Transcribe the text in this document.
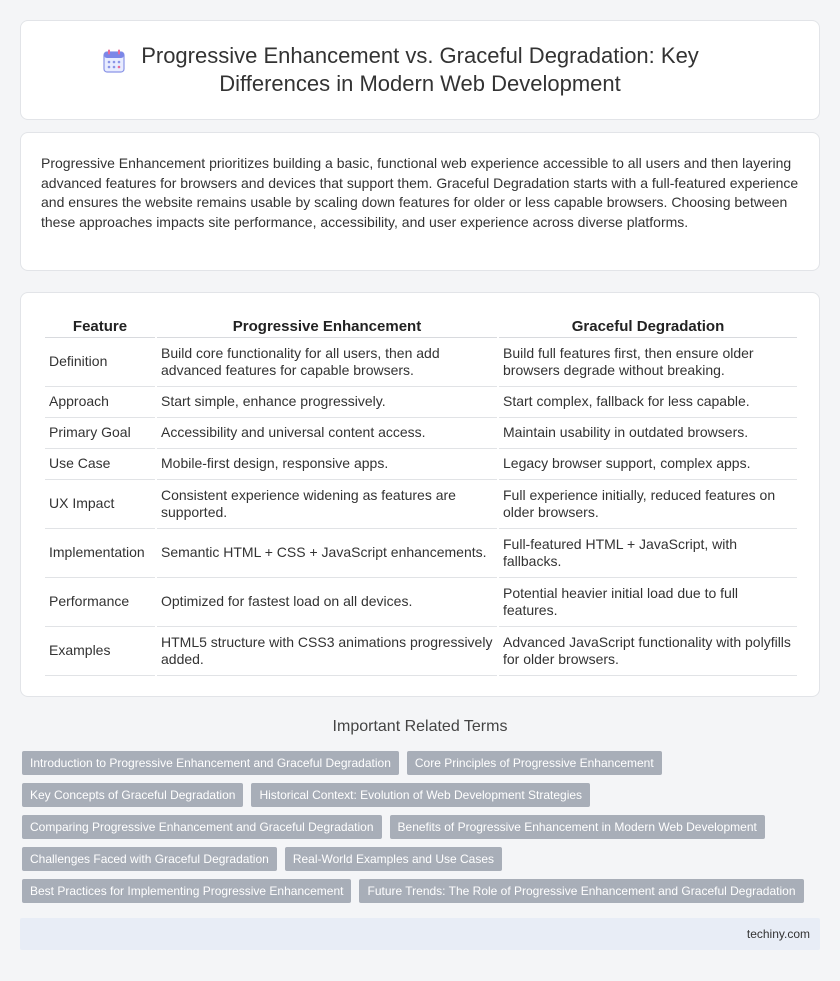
Progressive Enhancement vs. Graceful Degradation: Key Differences in Modern Web Development

Progressive Enhancement prioritizes building a basic, functional web experience accessible to all users and then layering advanced features for browsers and devices that support them. Graceful Degradation starts with a full-featured experience and ensures the website remains usable by scaling down features for older or less capable browsers. Choosing between these approaches impacts site performance, accessibility, and user experience across diverse platforms.

Feature	Progressive Enhancement	Graceful Degradation
Definition	Build core functionality for all users, then add advanced features for capable browsers.	Build full features first, then ensure older browsers degrade without breaking.
Approach	Start simple, enhance progressively.	Start complex, fallback for less capable.
Primary Goal	Accessibility and universal content access.	Maintain usability in outdated browsers.
Use Case	Mobile-first design, responsive apps.	Legacy browser support, complex apps.
UX Impact	Consistent experience widening as features are supported.	Full experience initially, reduced features on older browsers.
Implementation	Semantic HTML + CSS + JavaScript enhancements.	Full-featured HTML + JavaScript, with fallbacks.
Performance	Optimized for fastest load on all devices.	Potential heavier initial load due to full features.
Examples	HTML5 structure with CSS3 animations progressively added.	Advanced JavaScript functionality with polyfills for older browsers.
Important Related Terms
Introduction to Progressive Enhancement and Graceful Degradation	Core Principles of Progressive Enhancement
Key Concepts of Graceful Degradation	Historical Context: Evolution of Web Development Strategies
Comparing Progressive Enhancement and Graceful Degradation	Benefits of Progressive Enhancement in Modern Web Development
Challenges Faced with Graceful Degradation	Real-World Examples and Use Cases
Best Practices for Implementing Progressive Enhancement	Future Trends: The Role of Progressive Enhancement and Graceful Degradation
techiny.com
